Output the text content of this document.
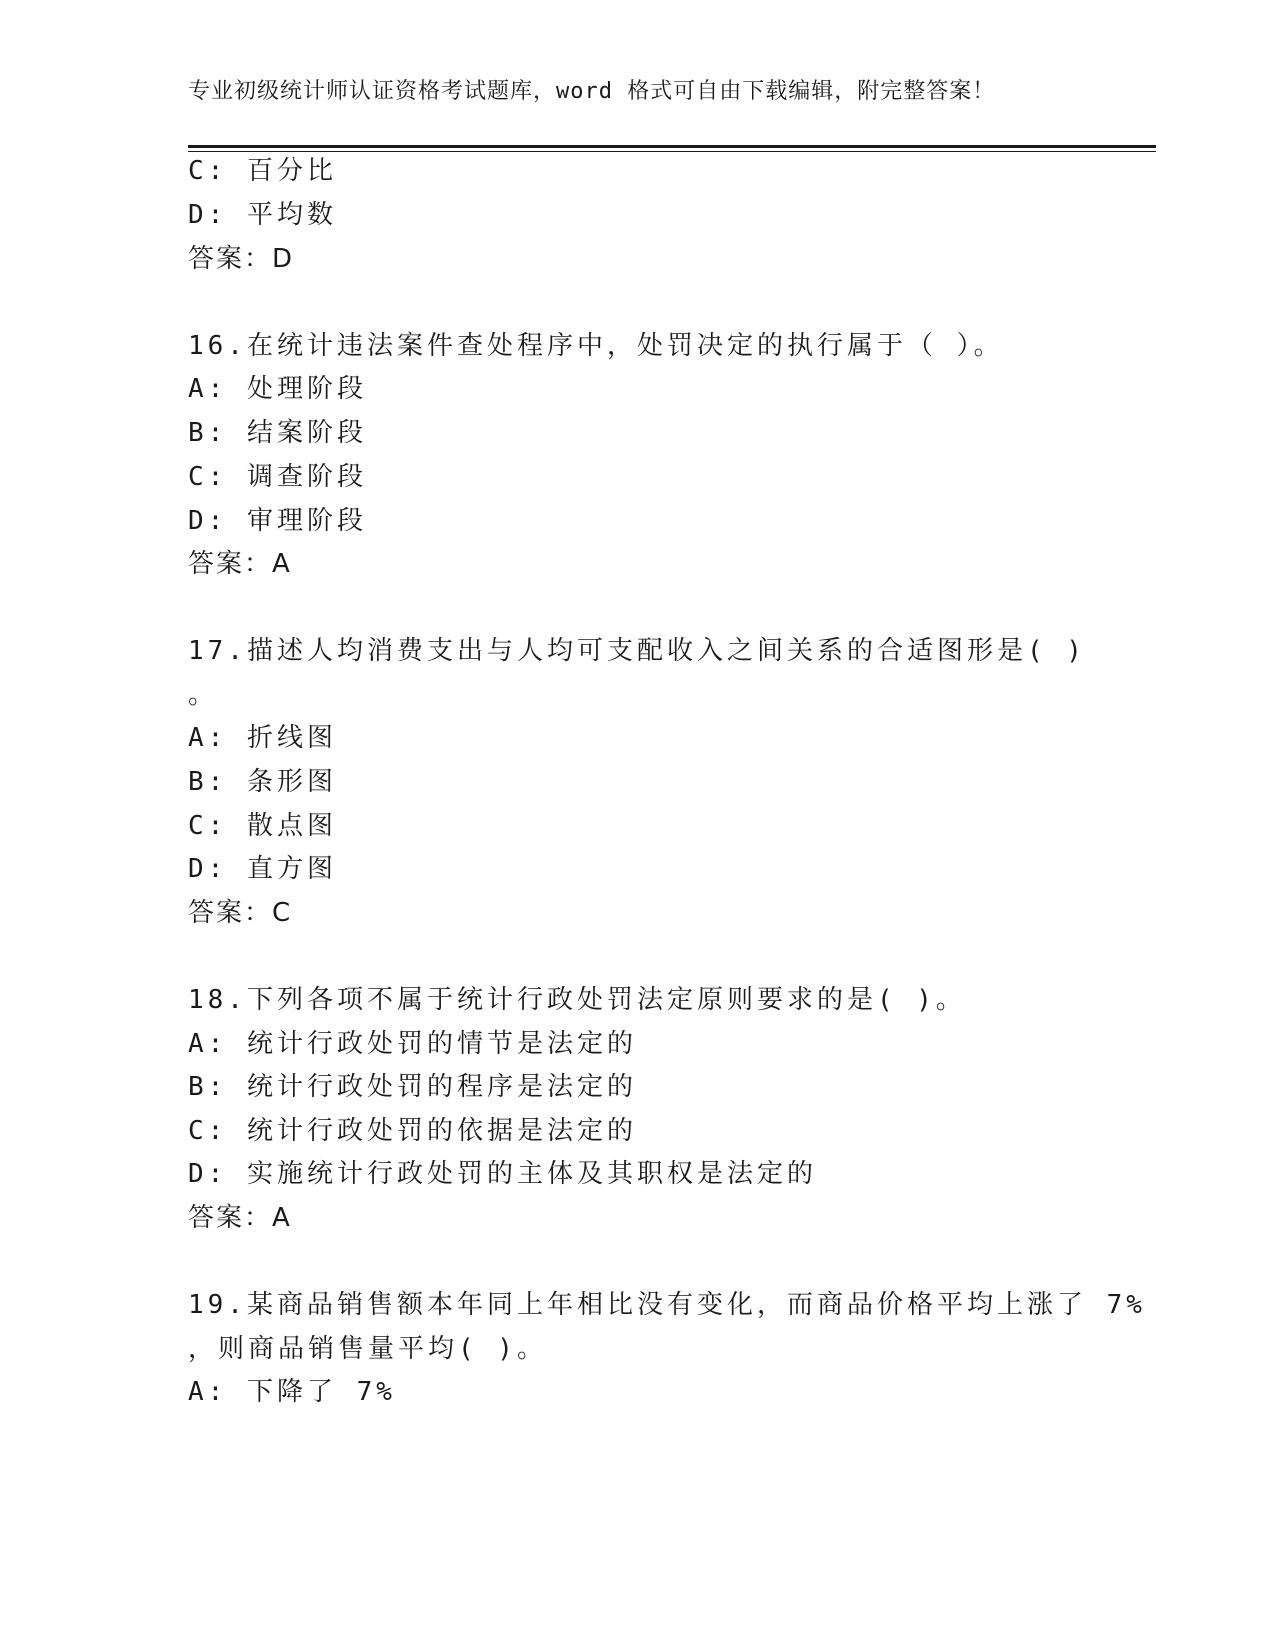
专业初级统计师认证资格考试题库，word 格式可自由下载编辑，附完整答案！
C: 百分比
D: 平均数
答案：D
16.在统计违法案件查处程序中，处罚决定的执行属于（ ）。
A: 处理阶段
B: 结案阶段
C: 调查阶段
D: 审理阶段
答案：A
17.描述人均消费支出与人均可支配收入之间关系的合适图形是( )
。
A: 折线图
B: 条形图
C: 散点图
D: 直方图
答案：C
18.下列各项不属于统计行政处罚法定原则要求的是( )。
A: 统计行政处罚的情节是法定的
B: 统计行政处罚的程序是法定的
C: 统计行政处罚的依据是法定的
D: 实施统计行政处罚的主体及其职权是法定的
答案：A
19.某商品销售额本年同上年相比没有变化，而商品价格平均上涨了 7%
，则商品销售量平均( )。
A: 下降了 7%
